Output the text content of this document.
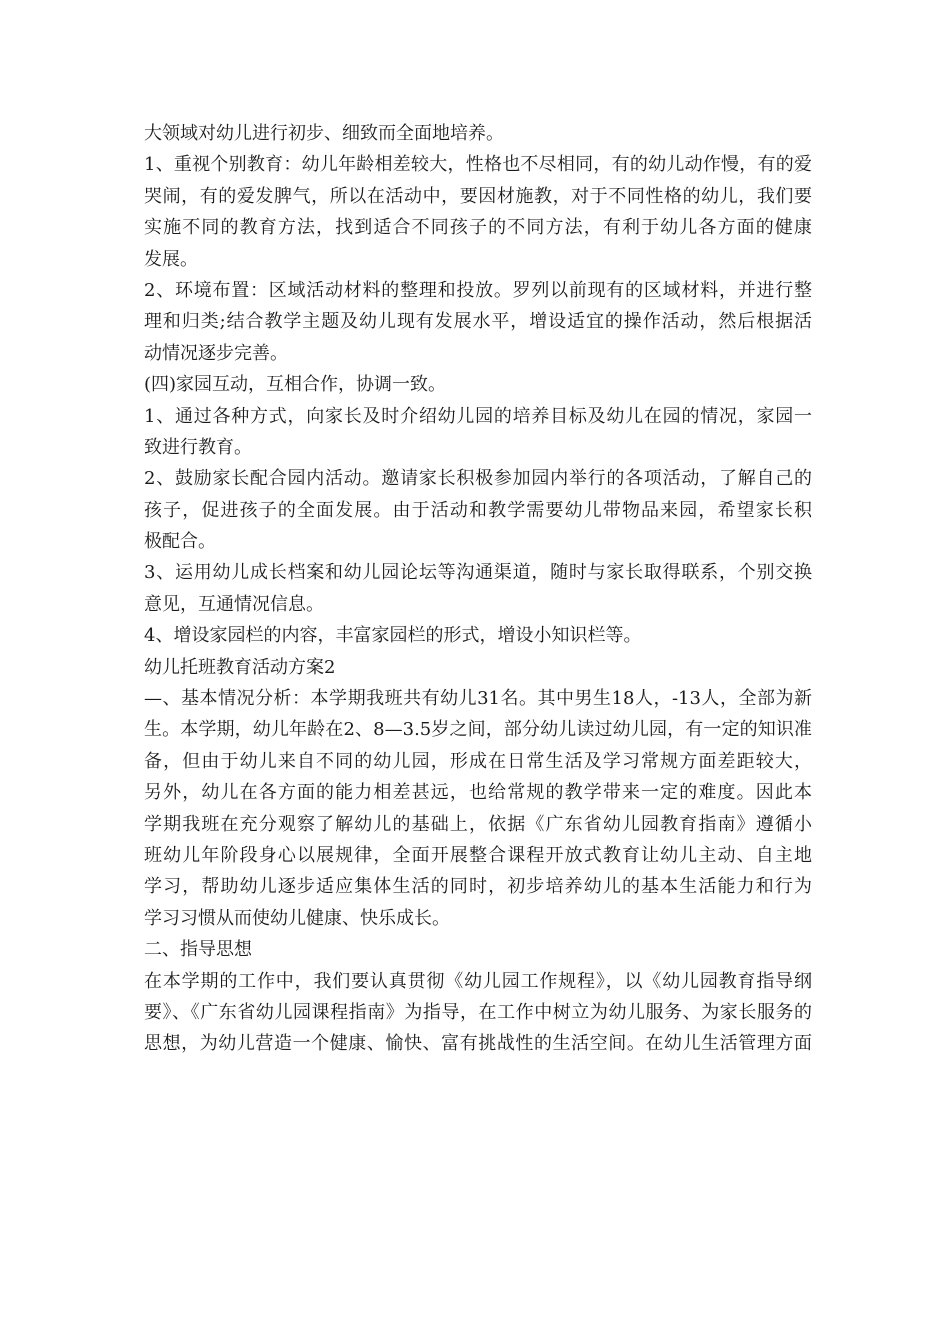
大领域对幼儿进行初步、细致而全面地培养。
1、重视个别教育：幼儿年龄相差较大，性格也不尽相同，有的幼儿动作慢，有的爱
哭闹，有的爱发脾气，所以在活动中，要因材施教，对于不同性格的幼儿，我们要
实施不同的教育方法，找到适合不同孩子的不同方法，有利于幼儿各方面的健康
发展。
2、环境布置：区域活动材料的整理和投放。罗列以前现有的区域材料，并进行整
理和归类;结合教学主题及幼儿现有发展水平，增设适宜的操作活动，然后根据活
动情况逐步完善。
(四)家园互动，互相合作，协调一致。
1、通过各种方式，向家长及时介绍幼儿园的培养目标及幼儿在园的情况，家园一
致进行教育。
2、鼓励家长配合园内活动。邀请家长积极参加园内举行的各项活动，了解自己的
孩子，促进孩子的全面发展。由于活动和教学需要幼儿带物品来园，希望家长积
极配合。
3、运用幼儿成长档案和幼儿园论坛等沟通渠道，随时与家长取得联系，个别交换
意见，互通情况信息。
4、增设家园栏的内容，丰富家园栏的形式，增设小知识栏等。
幼儿托班教育活动方案2
—、基本情况分析：本学期我班共有幼儿31名。其中男生18人，-13人，全部为新
生。本学期，幼儿年龄在2、8—3.5岁之间，部分幼儿读过幼儿园，有一定的知识准
备，但由于幼儿来自不同的幼儿园，形成在日常生活及学习常规方面差距较大，
另外，幼儿在各方面的能力相差甚远，也给常规的教学带来一定的难度。因此本
学期我班在充分观察了解幼儿的基础上，依据《广东省幼儿园教育指南》遵循小
班幼儿年阶段身心以展规律，全面开展整合课程开放式教育让幼儿主动、自主地
学习，帮助幼儿逐步适应集体生活的同时，初步培养幼儿的基本生活能力和行为
学习习惯从而使幼儿健康、快乐成长。
二、指导思想
在本学期的工作中，我们要认真贯彻《幼儿园工作规程》，以《幼儿园教育指导纲
要》、《广东省幼儿园课程指南》为指导，在工作中树立为幼儿服务、为家长服务的
思想，为幼儿营造一个健康、愉快、富有挑战性的生活空间。在幼儿生活管理方面
